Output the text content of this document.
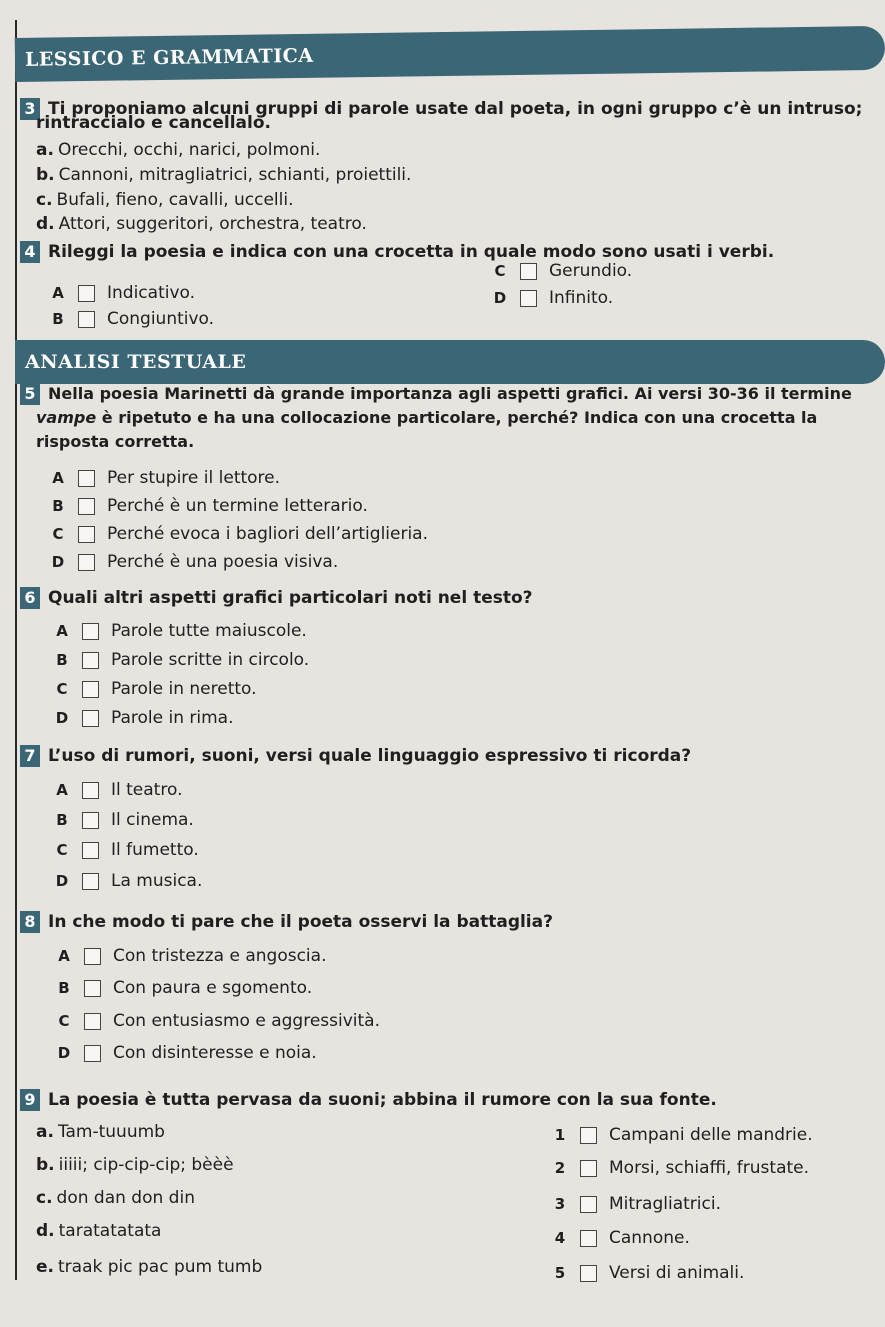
LESSICO E GRAMMATICA
3 Ti proponiamo alcuni gruppi di parole usate dal poeta, in ogni gruppo c’è un intruso;
rintraccialo e cancellalo.
a. Orecchi, occhi, narici, polmoni.
b. Cannoni, mitragliatrici, schianti, proiettili.
c. Bufali, fieno, cavalli, uccelli.
d. Attori, suggeritori, orchestra, teatro.
4 Rileggi la poesia e indica con una crocetta in quale modo sono usati i verbi.
A	Indicativo.
B	Congiuntivo.
C	Gerundio.
D	Infinito.
ANALISI TESTUALE
5 Nella poesia Marinetti dà grande importanza agli aspetti grafici. Ai versi 30-36 il termine
vampe è ripetuto e ha una collocazione particolare, perché? Indica con una crocetta la
risposta corretta.
A	Per stupire il lettore.
B	Perché è un termine letterario.
C	Perché evoca i bagliori dell’artiglieria.
D	Perché è una poesia visiva.
6 Quali altri aspetti grafici particolari noti nel testo?
A	Parole tutte maiuscole.
B	Parole scritte in circolo.
C	Parole in neretto.
D	Parole in rima.
7 L’uso di rumori, suoni, versi quale linguaggio espressivo ti ricorda?
A	Il teatro.
B	Il cinema.
C	Il fumetto.
D	La musica.
8 In che modo ti pare che il poeta osservi la battaglia?
A	Con tristezza e angoscia.
B	Con paura e sgomento.
C	Con entusiasmo e aggressività.
D	Con disinteresse e noia.
9 La poesia è tutta pervasa da suoni; abbina il rumore con la sua fonte.
a. Tam-tuuumb
b. iiiii; cip-cip-cip; bèèè
c. don dan don din
d. taratatatata
e. traak pic pac pum tumb
1	Campani delle mandrie.
2	Morsi, schiaffi, frustate.
3	Mitragliatrici.
4	Cannone.
5	Versi di animali.
